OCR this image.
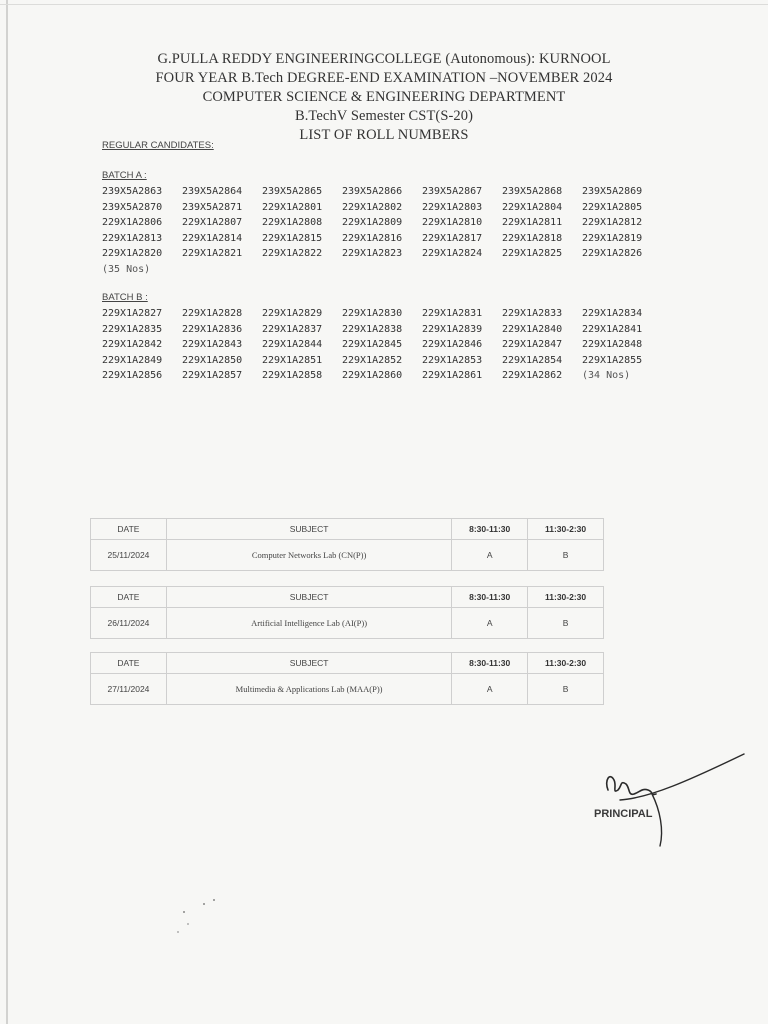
G.PULLA REDDY ENGINEERINGCOLLEGE (Autonomous): KURNOOL
FOUR YEAR B.Tech DEGREE-END EXAMINATION –NOVEMBER 2024
COMPUTER SCIENCE & ENGINEERING DEPARTMENT
B.TechV Semester CST(S-20)
LIST OF ROLL NUMBERS
REGULAR CANDIDATES:
BATCH A :
239X5A2863	239X5A2864	239X5A2865	239X5A2866	239X5A2867	239X5A2868	239X5A2869
239X5A2870	239X5A2871	229X1A2801	229X1A2802	229X1A2803	229X1A2804	229X1A2805
229X1A2806	229X1A2807	229X1A2808	229X1A2809	229X1A2810	229X1A2811	229X1A2812
229X1A2813	229X1A2814	229X1A2815	229X1A2816	229X1A2817	229X1A2818	229X1A2819
229X1A2820	229X1A2821	229X1A2822	229X1A2823	229X1A2824	229X1A2825	229X1A2826
(35 Nos)
BATCH B :
229X1A2827	229X1A2828	229X1A2829	229X1A2830	229X1A2831	229X1A2833	229X1A2834
229X1A2835	229X1A2836	229X1A2837	229X1A2838	229X1A2839	229X1A2840	229X1A2841
229X1A2842	229X1A2843	229X1A2844	229X1A2845	229X1A2846	229X1A2847	229X1A2848
229X1A2849	229X1A2850	229X1A2851	229X1A2852	229X1A2853	229X1A2854	229X1A2855
229X1A2856	229X1A2857	229X1A2858	229X1A2860	229X1A2861	229X1A2862	(34 Nos)
DATE	SUBJECT	8:30-11:30	11:30-2:30
25/11/2024	Computer Networks Lab (CN(P))	A	B
DATE	SUBJECT	8:30-11:30	11:30-2:30
26/11/2024	Artificial Intelligence Lab (AI(P))	A	B
DATE	SUBJECT	8:30-11:30	11:30-2:30
27/11/2024	Multimedia & Applications Lab (MAA(P))	A	B
PRINCIPAL
